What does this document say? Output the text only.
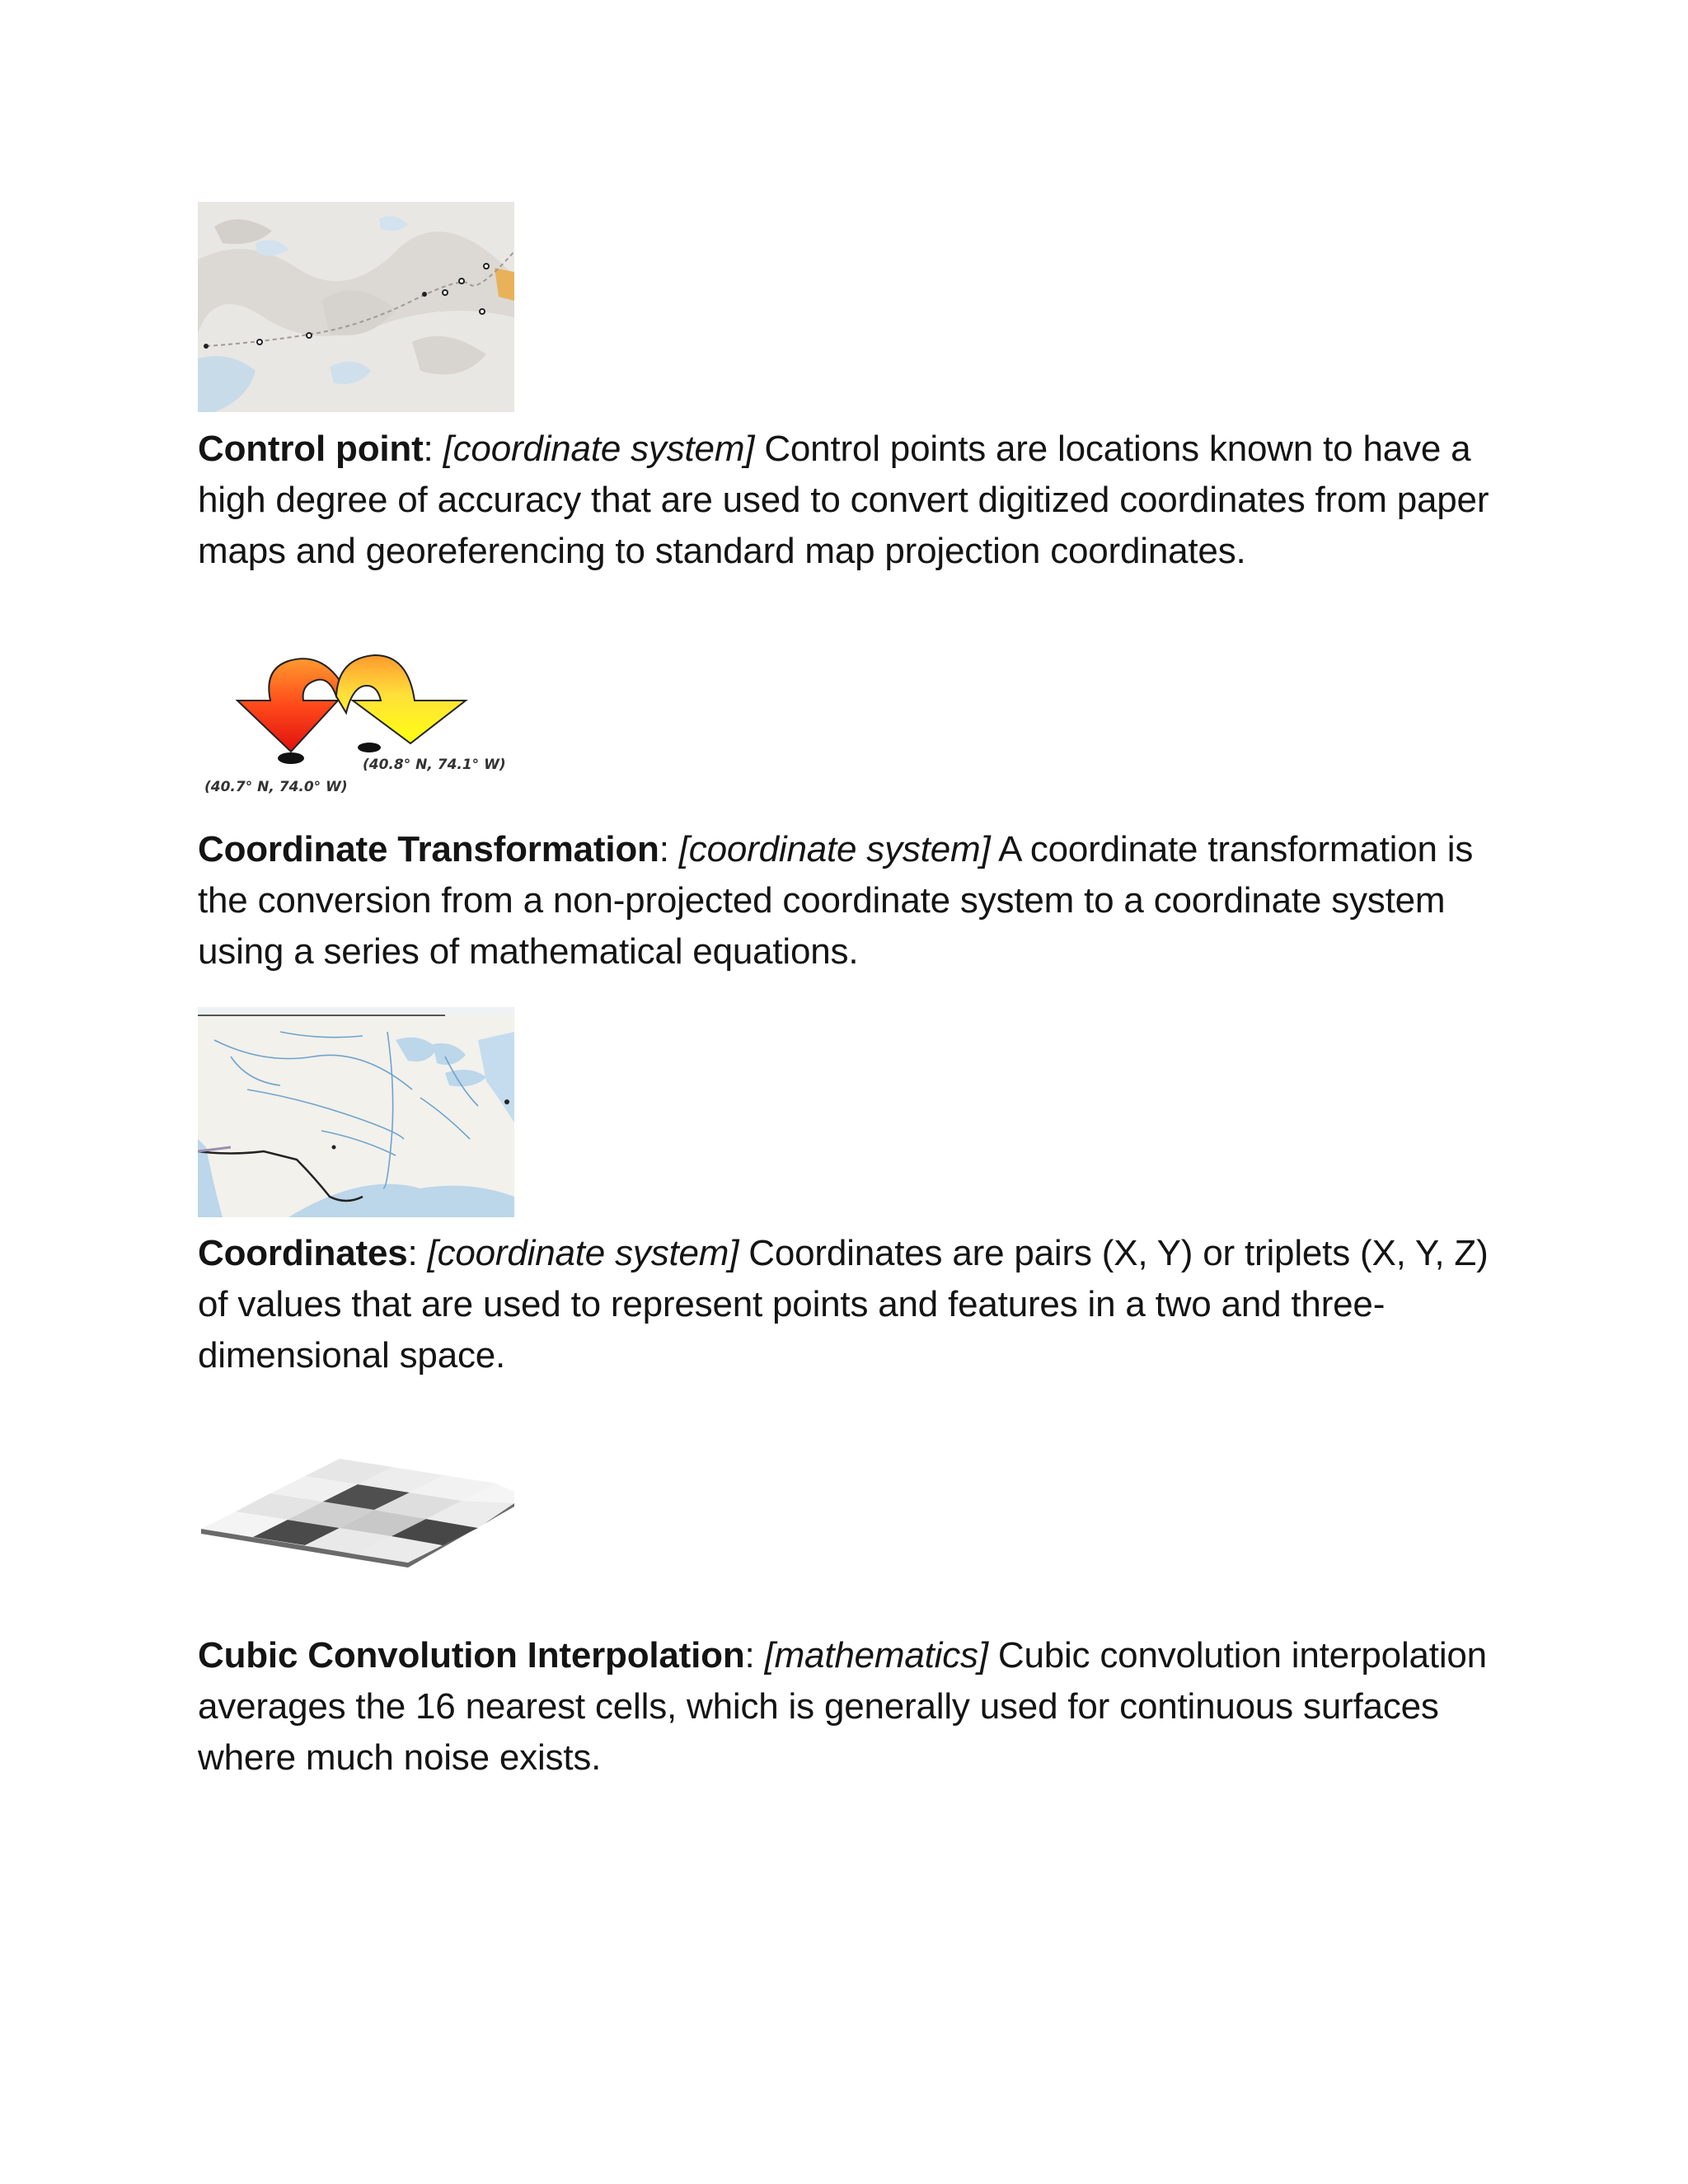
Control point: [coordinate system] Control points are locations known to have a high degree of accuracy that are used to convert digitized coordinates from paper maps and georeferencing to standard map projection coordinates.

(40.7° N, 74.0° W)
(40.8° N, 74.1° W)

Coordinate Transformation: [coordinate system] A coordinate transformation is the conversion from a non-projected coordinate system to a coordinate system using a series of mathematical equations.

Coordinates: [coordinate system] Coordinates are pairs (X, Y) or triplets (X, Y, Z) of values that are used to represent points and features in a two and three-dimensional space.

Cubic Convolution Interpolation: [mathematics] Cubic convolution interpolation averages the 16 nearest cells, which is generally used for continuous surfaces where much noise exists.
